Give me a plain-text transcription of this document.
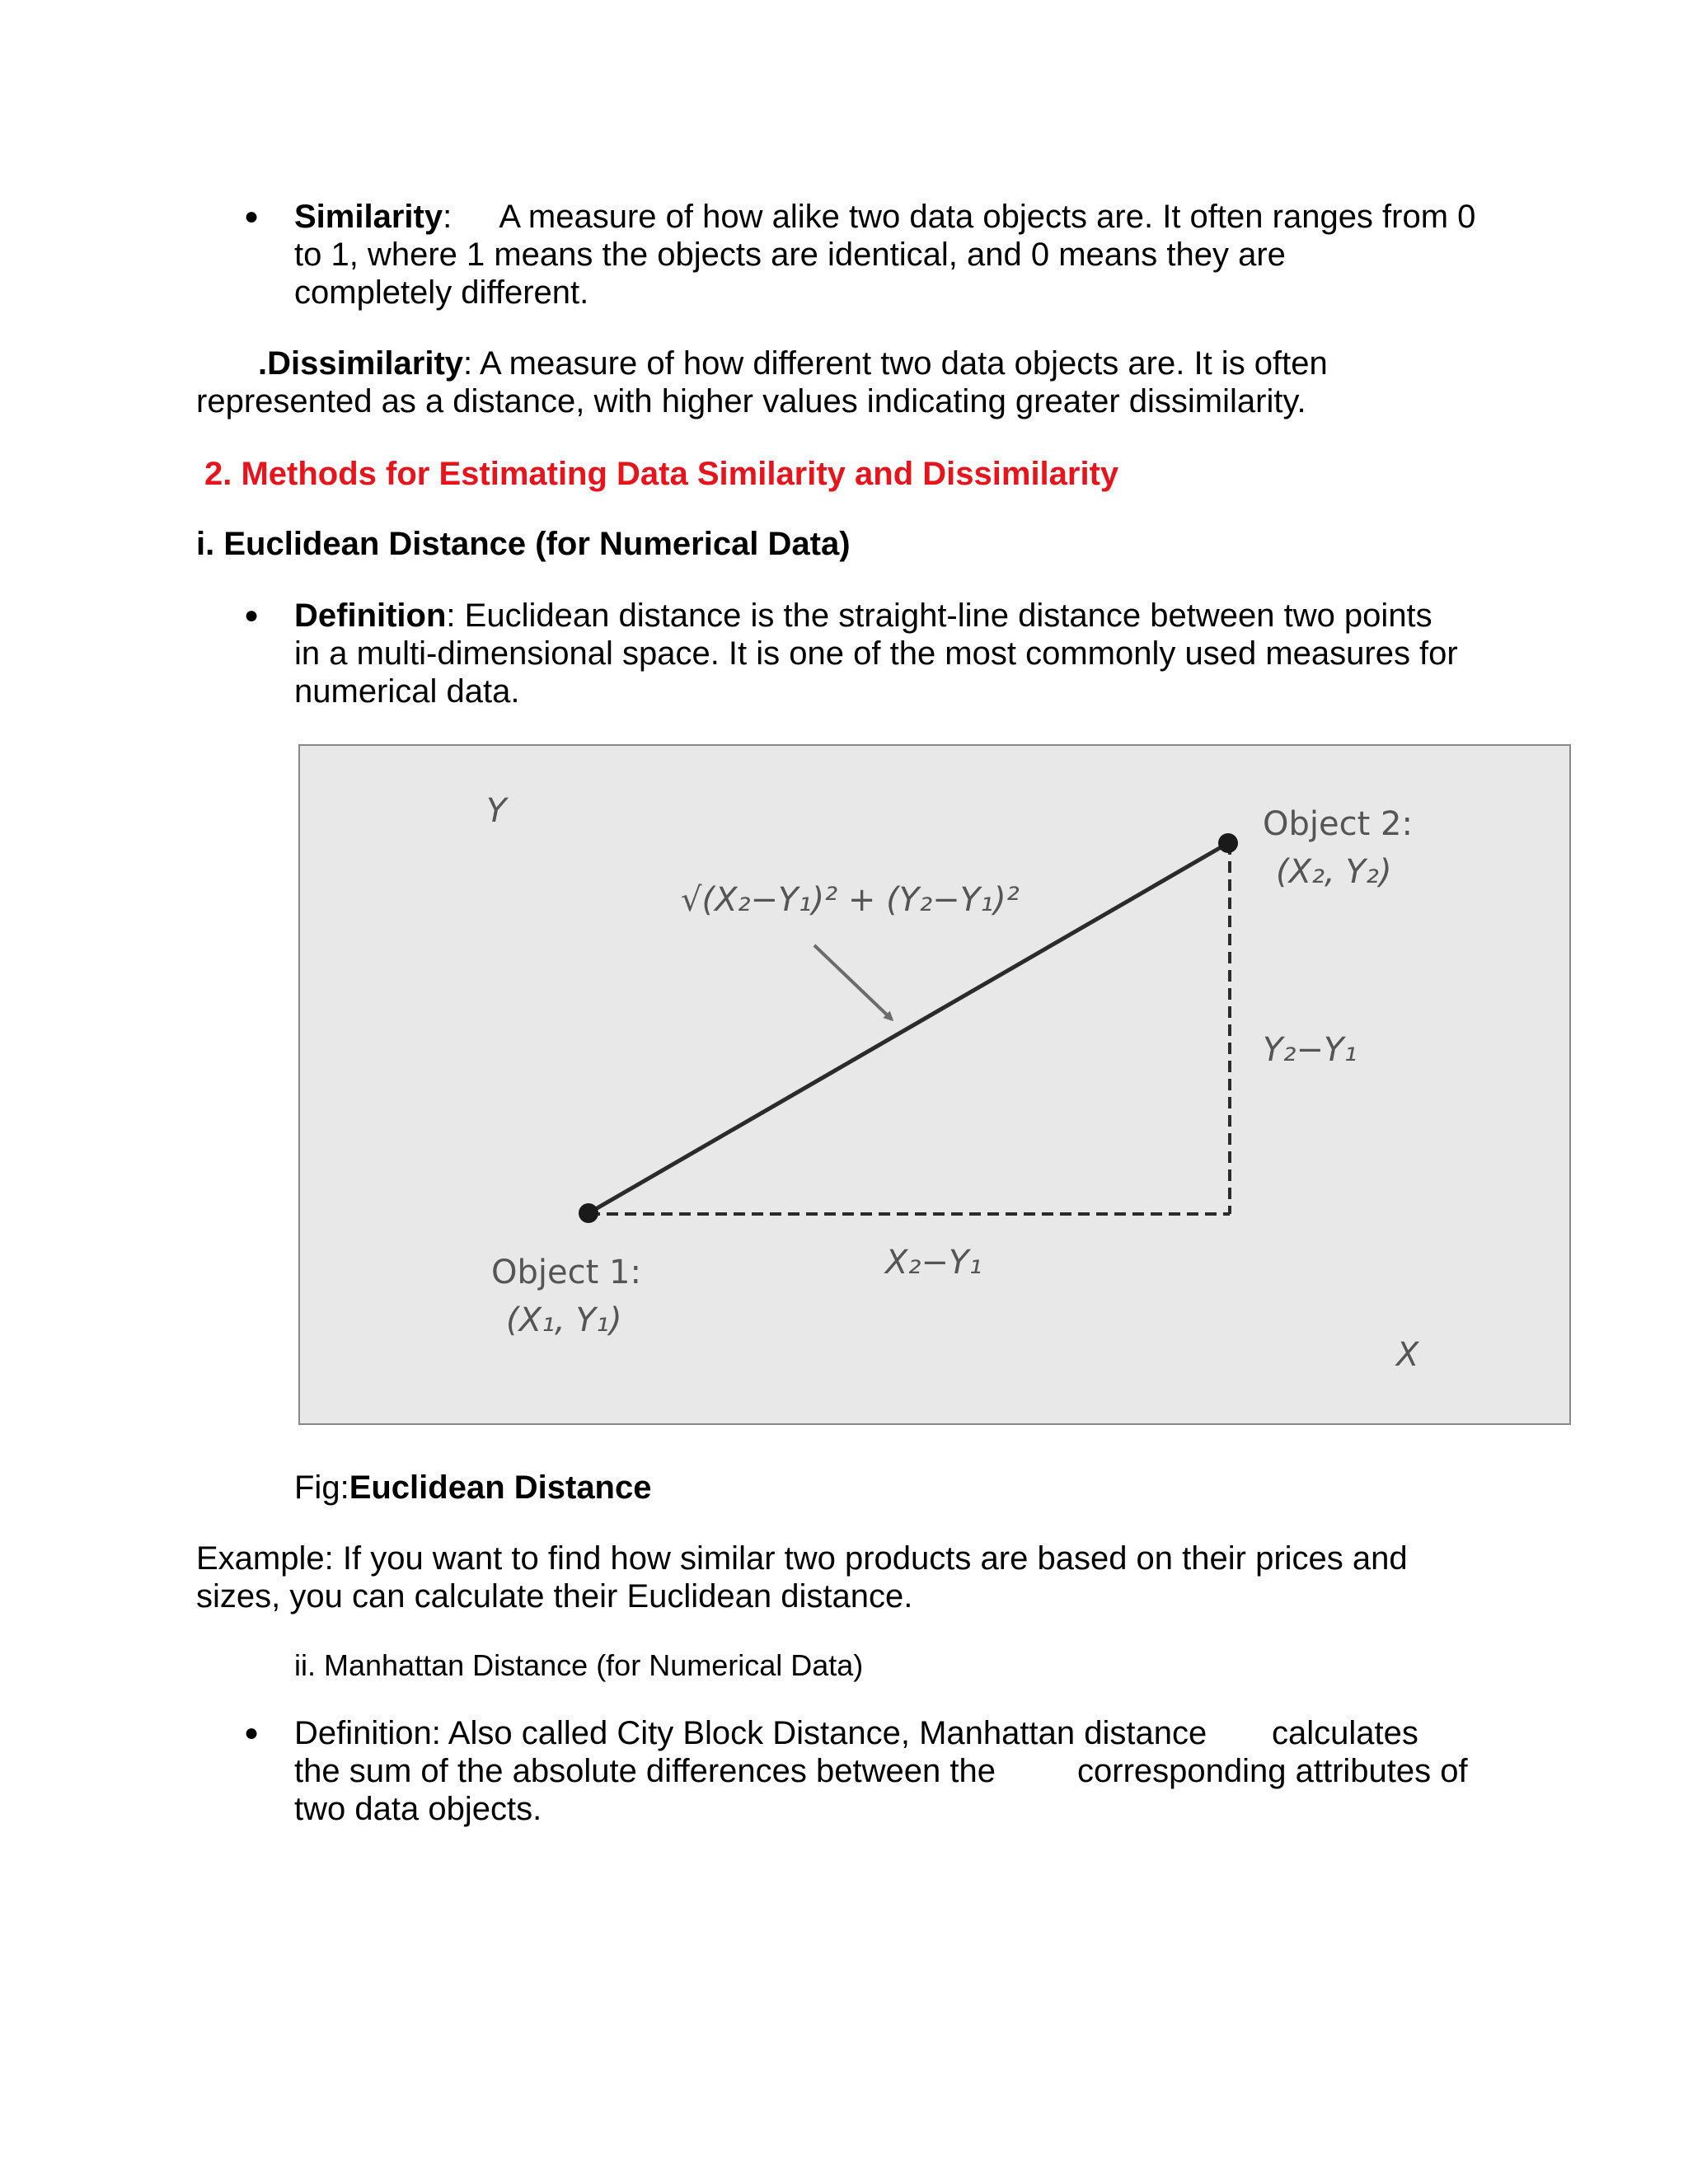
● Similarity: A measure of how alike two data objects are. It often ranges from 0
to 1, where 1 means the objects are identical, and 0 means they are
completely different.
.Dissimilarity: A measure of how different two data objects are. It is often
represented as a distance, with higher values indicating greater dissimilarity.
2. Methods for Estimating Data Similarity and Dissimilarity
i. Euclidean Distance (for Numerical Data)
● Definition: Euclidean distance is the straight-line distance between two points
in a multi-dimensional space. It is one of the most commonly used measures for
numerical data.
Y
X
√(X₂−Y₁)² + (Y₂−Y₁)²
Object 2:
(X₂, Y₂)
Y₂−Y₁
Object 1:
(X₁, Y₁)
X₂−Y₁
Fig:Euclidean Distance
Example: If you want to find how similar two products are based on their prices and
sizes, you can calculate their Euclidean distance.
ii. Manhattan Distance (for Numerical Data)
● Definition: Also called City Block Distance, Manhattan distance calculates
the sum of the absolute differences between the corresponding attributes of
two data objects.
